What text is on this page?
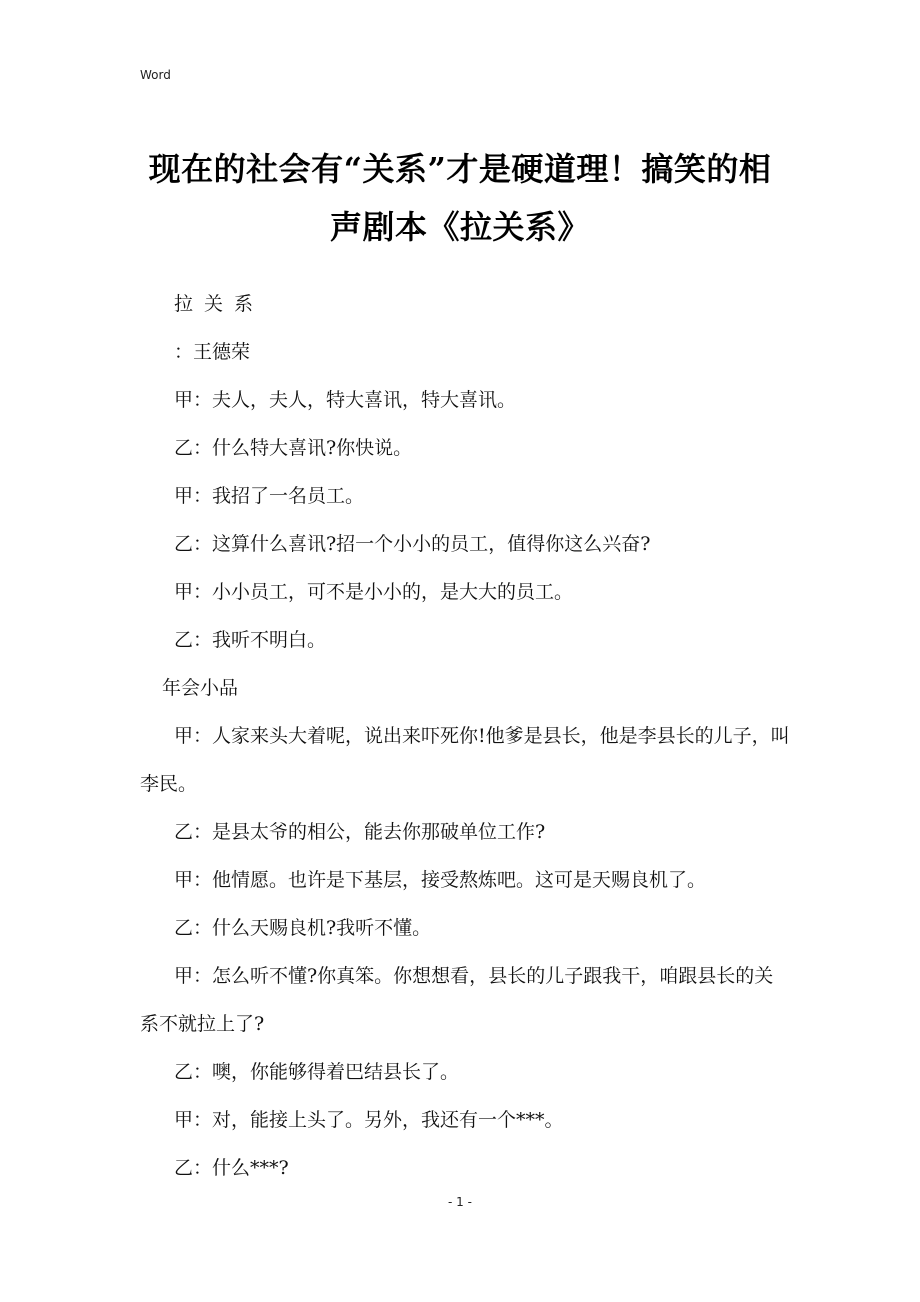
Word
现在的社会有“关系”才是硬道理！搞笑的相
声剧本《拉关系》

拉关系

：王德荣

甲：夫人，夫人，特大喜讯，特大喜讯。

乙：什么特大喜讯?你快说。

甲：我招了一名员工。

乙：这算什么喜讯?招一个小小的员工，值得你这么兴奋?

甲：小小员工，可不是小小的，是大大的员工。

乙：我听不明白。

年会小品

甲：人家来头大着呢，说出来吓死你!他爹是县长，他是李县长的儿子，叫李民。

乙：是县太爷的相公，能去你那破单位工作?

甲：他情愿。也许是下基层，接受熬炼吧。这可是天赐良机了。

乙：什么天赐良机?我听不懂。

甲：怎么听不懂?你真笨。你想想看，县长的儿子跟我干，咱跟县长的关系不就拉上了?

乙：噢，你能够得着巴结县长了。

甲：对，能接上头了。另外，我还有一个***。

乙：什么***?

- 1 -
